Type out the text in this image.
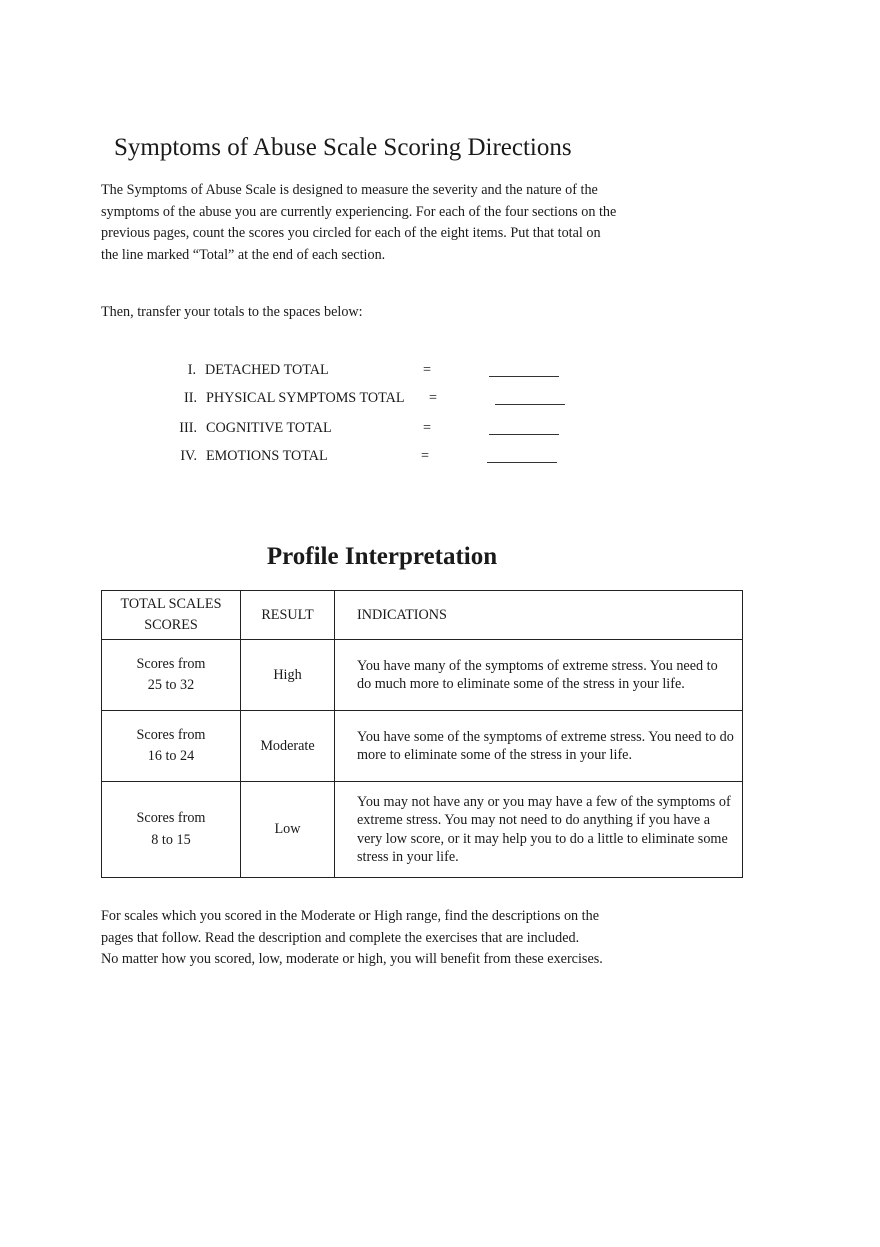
Symptoms of Abuse Scale Scoring Directions

The Symptoms of Abuse Scale is designed to measure the severity and the nature of the symptoms of the abuse you are currently experiencing. For each of the four sections on the previous pages, count the scores you circled for each of the eight items. Put that total on the line marked “Total” at the end of each section.

Then, transfer your totals to the spaces below:

I. DETACHED TOTAL	=
II. PHYSICAL SYMPTOMS TOTAL =
III. COGNITIVE TOTAL	=
IV. EMOTIONS TOTAL	=
Profile Interpretation
TOTAL SCALES
SCORES	RESULT	INDICATIONS

Scores from
25 to 32	High	You have many of the symptoms of extreme stress. You need to do much more to eliminate some of the stress in your life.

Scores from
16 to 24	Moderate	You have some of the symptoms of extreme stress. You need to do more to eliminate some of the stress in your life.

Scores from
8 to 15	Low	You may not have any or you may have a few of the symptoms of extreme stress. You may not need to do anything if you have a very low score, or it may help you to do a little to eliminate some stress in your life.

For scales which you scored in the Moderate or High range, find the descriptions on the
pages that follow. Read the description and complete the exercises that are included.
No matter how you scored, low, moderate or high, you will benefit from these exercises.
